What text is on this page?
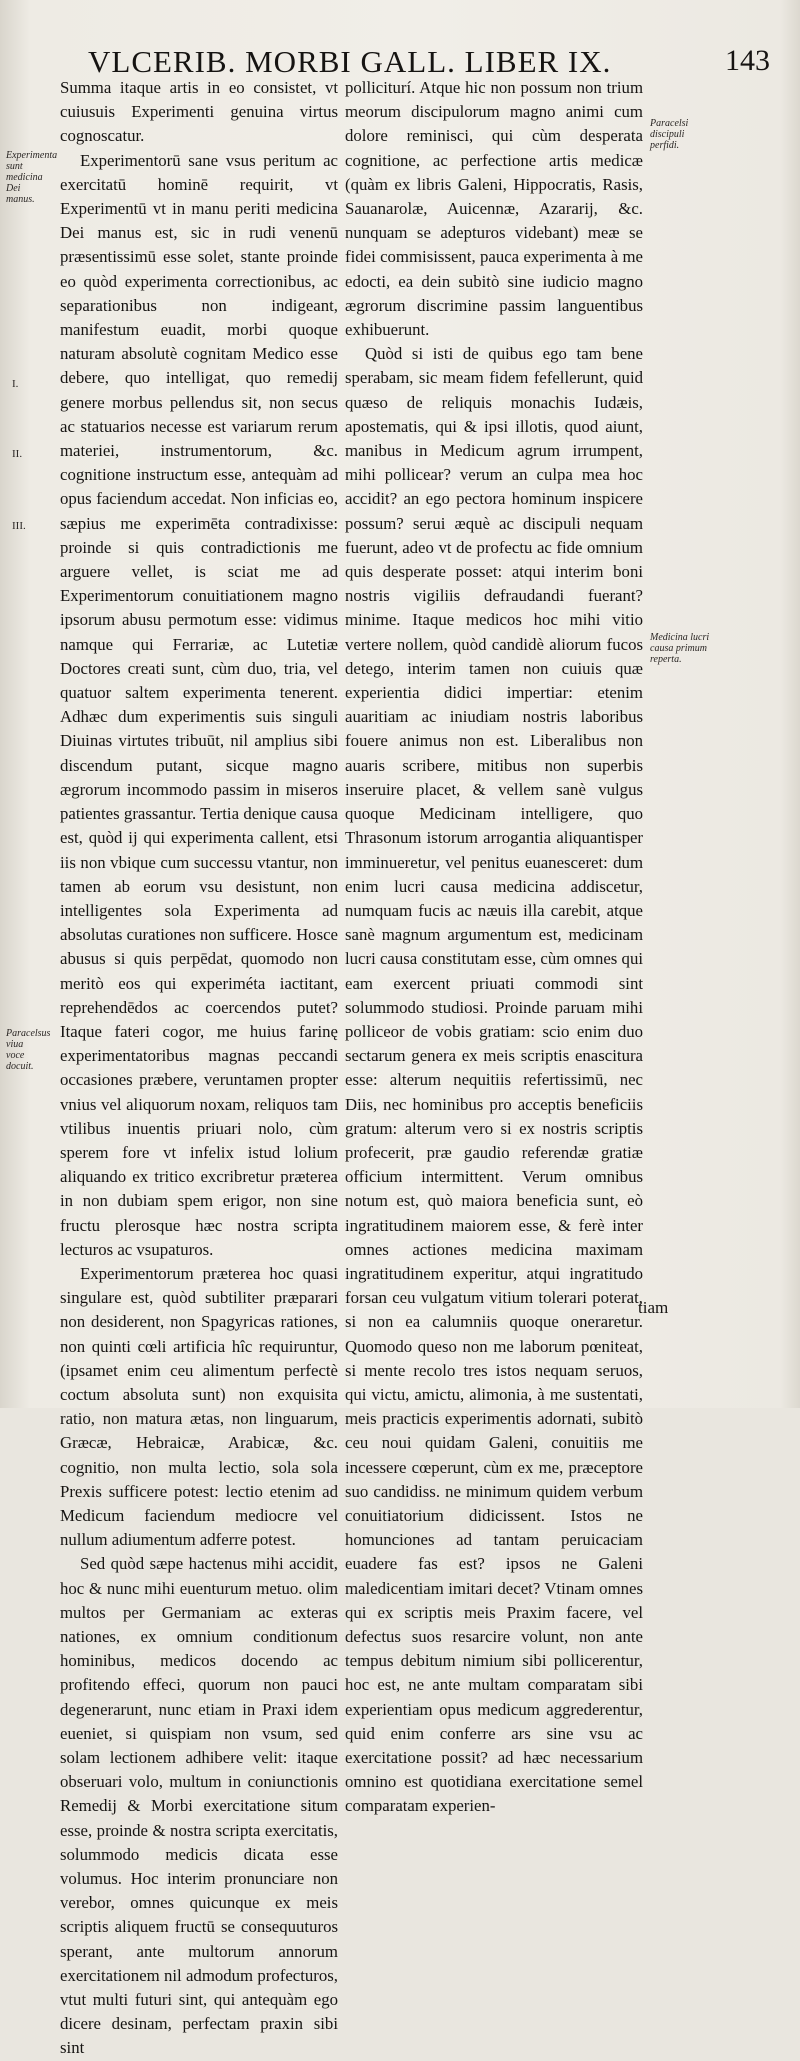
VLCERIB. MORBI GALL. LIBER IX.	143

Summa itaque artis in eo consistet, vt cuiusuis Experimenti genuina virtus cognoscatur.

Experimentorū sane vsus peritum ac exercitatū hominē requirit, vt Experimentū vt in manu periti medicina Dei manus est, sic in rudi venenū præsentissimū esse solet, stante proinde eo quòd experimenta correctionibus, ac separationibus non indigeant, manifestum euadit, morbi quoque naturam absolutè cognitam Medico esse debere, quo intelligat, quo remedij genere morbus pellendus sit, non secus ac statuarios necesse est variarum rerum materiei, instrumentorum, &c. cognitione instructum esse, antequàm ad opus faciendum accedat. Non inficias eo, sæpius me experimēta contradixisse: proinde si quis contradictionis me arguere vellet, is sciat me ad Experimentorum conuitiationem magno ipsorum abusu permotum esse: vidimus namque qui Ferrariæ, ac Lutetiæ Doctores creati sunt, cùm duo, tria, vel quatuor saltem experimenta tenerent. Adhæc dum experimentis suis singuli Diuinas virtutes tribuūt, nil amplius sibi discendum putant, sicque magno ægrorum incommodo passim in miseros patientes grassantur. Tertia denique causa est, quòd ij qui experimenta callent, etsi iis non vbique cum successu vtantur, non tamen ab eorum vsu desistunt, non intelligentes sola Experimenta ad absolutas curationes non sufficere. Hosce abusus si quis perpēdat, quomodo non meritò eos qui experiméta iactitant, reprehendēdos ac coercendos putet? Itaque fateri cogor, me huius farinę experimentatoribus magnas peccandi occasiones præbere, veruntamen propter vnius vel aliquorum noxam, reliquos tam vtilibus inuentis priuari nolo, cùm sperem fore vt infelix istud lolium aliquando ex tritico excribretur præterea in non dubiam spem erigor, non sine fructu plerosque hæc nostra scripta lecturos ac vsupaturos.

Experimentorum præterea hoc quasi singulare est, quòd subtiliter præparari non desiderent, non Spagyricas rationes, non quinti cœli artificia hîc requiruntur, (ipsamet enim ceu alimentum perfectè coctum absoluta sunt) non exquisita ratio, non matura ætas, non linguarum, Græcæ, Hebraicæ, Arabicæ, &c. cognitio, non multa lectio, sola sola Prexis sufficere potest: lectio etenim ad Medicum faciendum mediocre vel nullum adiumentum adferre potest.

Sed quòd sæpe hactenus mihi accidit, hoc & nunc mihi euenturum metuo. olim multos per Germaniam ac exteras nationes, ex omnium conditionum hominibus, medicos docendo ac profitendo effeci, quorum non pauci degenerarunt, nunc etiam in Praxi idem eueniet, si quispiam non vsum, sed solam lectionem adhibere velit: itaque obseruari volo, multum in coniunctionis Remedij & Morbi exercitatione situm esse, proinde & nostra scripta exercitatis, solummodo medicis dicata esse volumus. Hoc interim pronunciare non verebor, omnes quicunque ex meis scriptis aliquem fructū se consequuturos sperant, ante multorum annorum exercitationem nil admodum profecturos, vtut multi futuri sint, qui antequàm ego dicere desinam, perfectam praxin sibi sint

polliciturí. Atque hic non possum non trium meorum discipulorum magno animi cum dolore reminisci, qui cùm desperata cognitione, ac perfectione artis medicæ (quàm ex libris Galeni, Hippocratis, Rasis, Sauanarolæ, Auicennæ, Azararij, &c. nunquam se adepturos videbant) meæ se fidei commisissent, pauca experimenta à me edocti, ea dein subitò sine iudicio magno ægrorum discrimine passim languentibus exhibuerunt.

Quòd si isti de quibus ego tam bene sperabam, sic meam fidem fefellerunt, quid quæso de reliquis monachis Iudæis, apostematis, qui & ipsi illotis, quod aiunt, manibus in Medicum agrum irrumpent, mihi pollicear? verum an culpa mea hoc accidit? an ego pectora hominum inspicere possum? serui æquè ac discipuli nequam fuerunt, adeo vt de profectu ac fide omnium quis desperate posset: atqui interim boni nostris vigiliis defraudandi fuerant? minime. Itaque medicos hoc mihi vitio vertere nollem, quòd candidè aliorum fucos detego, interim tamen non cuiuis quæ experientia didici impertiar: etenim auaritiam ac iniudiam nostris laboribus fouere animus non est. Liberalibus non auaris scribere, mitibus non superbis inseruire placet, & vellem sanè vulgus quoque Medicinam intelligere, quo Thrasonum istorum arrogantia aliquantisper imminueretur, vel penitus euanesceret: dum enim lucri causa medicina addiscetur, numquam fucis ac næuis illa carebit, atque sanè magnum argumentum est, medicinam lucri causa constitutam esse, cùm omnes qui eam exercent priuati commodi sint solummodo studiosi. Proinde paruam mihi polliceor de vobis gratiam: scio enim duo sectarum genera ex meis scriptis enascitura esse: alterum nequitiis refertissimū, nec Diis, nec hominibus pro acceptis beneficiis gratum: alterum vero si ex nostris scriptis profecerit, præ gaudio referendæ gratiæ officium intermittent. Verum omnibus notum est, quò maiora beneficia sunt, eò ingratitudinem maiorem esse, & ferè inter omnes actiones medicina maximam ingratitudinem experitur, atqui ingratitudo forsan ceu vulgatum vitium tolerari poterat, si non ea calumniis quoque oneraretur. Quomodo queso non me laborum pœniteat, si mente recolo tres istos nequam seruos, qui victu, amictu, alimonia, à me sustentati, meis practicis experimentis adornati, subitò ceu noui quidam Galeni, conuitiis me incessere cœperunt, cùm ex me, præceptore suo candidiss. ne minimum quidem verbum conuitiatorium didicissent. Istos ne homunciones ad tantam peruicaciam euadere fas est? ipsos ne Galeni maledicentiam imitari decet? Vtinam omnes qui ex scriptis meis Praxim facere, vel defectus suos resarcire volunt, non ante tempus debitum nimium sibi pollicerentur, hoc est, ne ante multam comparatam sibi experientiam opus medicum aggrederentur, quid enim conferre ars sine vsu ac exercitatione possit? ad hæc necessarium omnino est quotidiana exercitatione semel comparatam experien-

tiam
Paracelsi discipuli perfidi.
Medicina lucri causa primum reperta.
Experimenta sunt medicina Dei manus.
Paracelsus viua voce docuit.
I.
II.
III.
